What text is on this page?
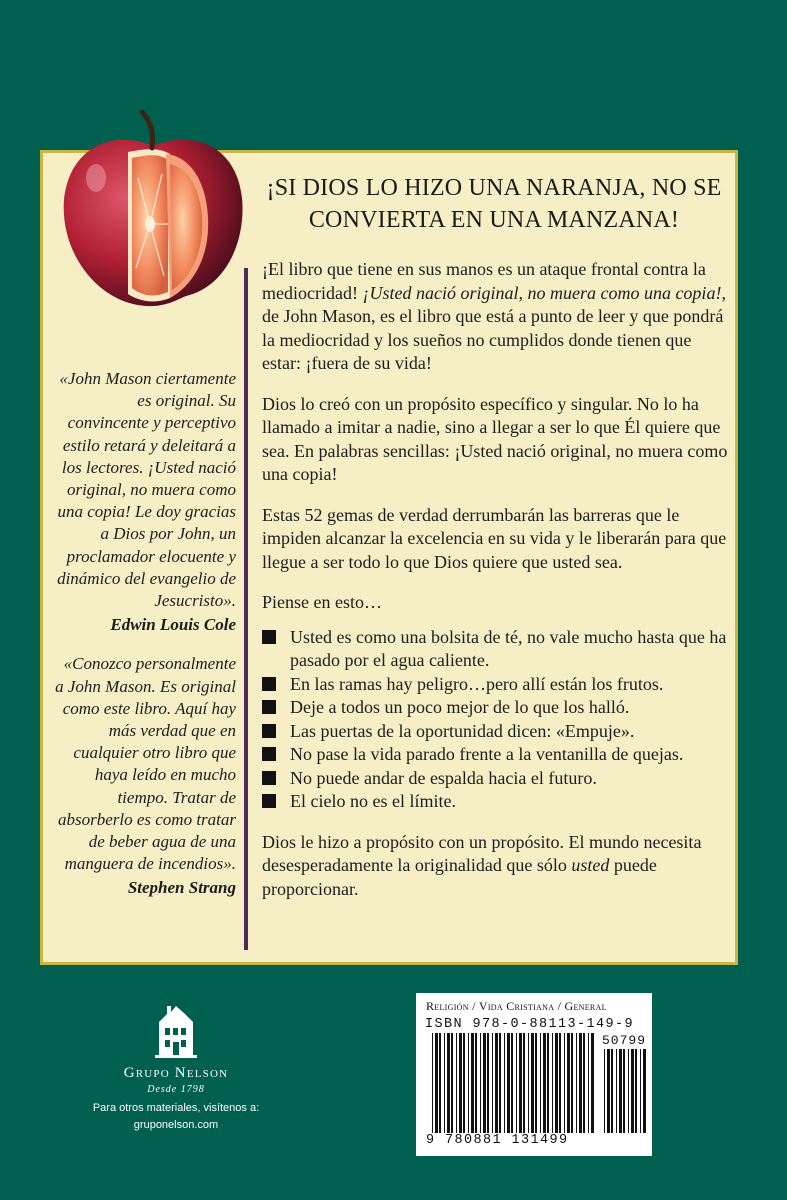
«John Mason ciertamente es original. Su convincente y perceptivo estilo retará y deleitará a los lectores. ¡Usted nació original, no muera como una copia! Le doy gracias a Dios por John, un proclamador elocuente y dinámico del evangelio de Jesucristo».

Edwin Louis Cole

«Conozco personalmente a John Mason. Es original como este libro. Aquí hay más verdad que en cualquier otro libro que haya leído en mucho tiempo. Tratar de absorberlo es como tratar de beber agua de una manguera de incendios».

Stephen Strang

¡SI DIOS LO HIZO UNA NARANJA, NO SE CONVIERTA EN UNA MANZANA!

¡El libro que tiene en sus manos es un ataque frontal contra la mediocridad! ¡Usted nació original, no muera como una copia!, de John Mason, es el libro que está a punto de leer y que pondrá la mediocridad y los sueños no cumplidos donde tienen que estar: ¡fuera de su vida!

Dios lo creó con un propósito específico y singular. No lo ha llamado a imitar a nadie, sino a llegar a ser lo que Él quiere que sea. En palabras sencillas: ¡Usted nació original, no muera como una copia!

Estas 52 gemas de verdad derrumbarán las barreras que le impiden alcanzar la excelencia en su vida y le liberarán para que llegue a ser todo lo que Dios quiere que usted sea.

Piense en esto…

Usted es como una bolsita de té, no vale mucho hasta que ha pasado por el agua caliente.
En las ramas hay peligro…pero allí están los frutos.
Deje a todos un poco mejor de lo que los halló.
Las puertas de la oportunidad dicen: «Empuje».
No pase la vida parado frente a la ventanilla de quejas.
No puede andar de espalda hacia el futuro.
El cielo no es el límite.

Dios le hizo a propósito con un propósito. El mundo necesita desesperadamente la originalidad que sólo usted puede proporcionar.

Grupo Nelson
Desde 1798
Para otros materiales, visítenos a:
gruponelson.com
Religión / Vida Cristiana / General
ISBN 978-0-88113-149-9
50799
9 780881 131499
